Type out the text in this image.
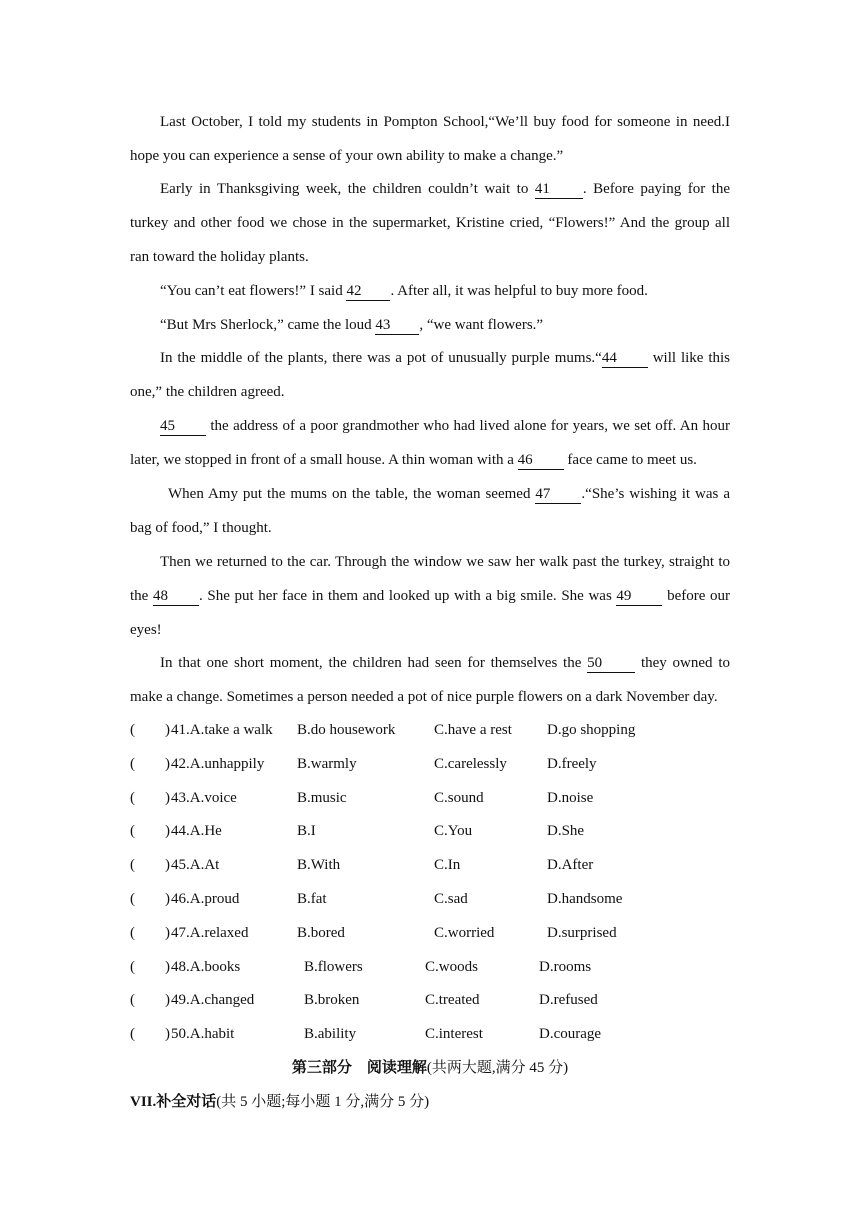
Last October, I told my students in Pompton School,“We’ll buy food for someone in need.I
hope you can experience a sense of your own ability to make a change.”
Early in Thanksgiving week, the children couldn’t wait to 41 . Before paying for the
turkey and other food we chose in the supermarket, Kristine cried, “Flowers!” And the group all
ran toward the holiday plants.
“You can’t eat flowers!” I said 42 . After all, it was helpful to buy more food.
“But Mrs Sherlock,” came the loud 43 , “we want flowers.”
In the middle of the plants, there was a pot of unusually purple mums.“44 will like this
one,” the children agreed.
45 the address of a poor grandmother who had lived alone for years, we set off. An hour
later, we stopped in front of a small house. A thin woman with a 46 face came to meet us.
When Amy put the mums on the table, the woman seemed 47 .“She’s wishing it was a
bag of food,” I thought.
Then we returned to the car. Through the window we saw her walk past the turkey, straight to
the 48 . She put her face in them and looked up with a big smile. She was 49 before our
eyes!
In that one short moment, the children had seen for themselves the 50	they owned to
make a change. Sometimes a person needed a pot of nice purple flowers on a dark November day.
( ) 41.A.take a walk B.do housework	C.have a rest D.go shopping
( ) 42.A.unhappily B.warmly	C.carelessly	D.freely
( ) 43.A.voice	B.music	C.sound	D.noise
( ) 44.A.He	B.I	C.You	D.She
( ) 45.A.At	B.With	C.In	D.After
( ) 46.A.proud	B.fat	C.sad	D.handsome
( ) 47.A.relaxed	B.bored	C.worried	D.surprised
( ) 48.A.books	B.flowers	C.woods	D.rooms
( ) 49.A.changed	B.broken	C.treated	D.refused
( ) 50.A.habit	B.ability	C.interest	D.courage
第三部分　阅读理解(共两大题,满分 45 分)
VII.补全对话(共 5 小题;每小题 1 分,满分 5 分)
